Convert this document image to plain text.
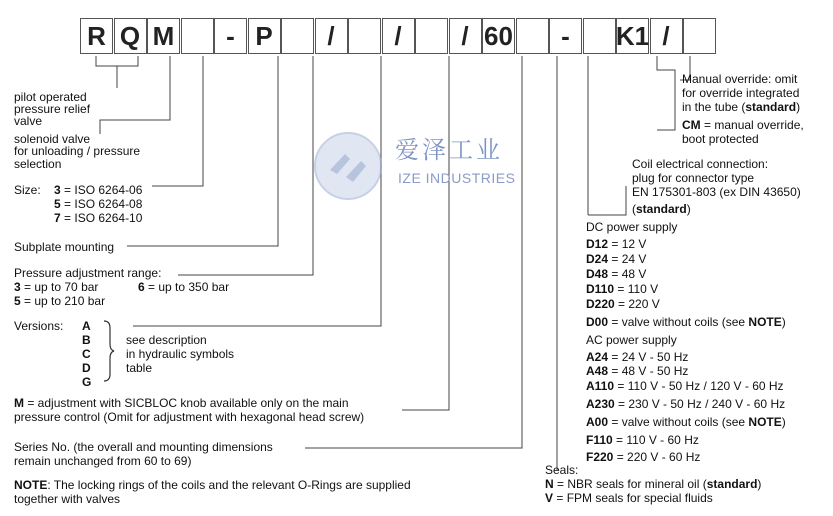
R Q M	- P	/	/	/ 60	-	K1 /
爱泽工业
IZE INDUSTRIES
pilot operated
pressure relief
valve
solenoid valve
for unloading / pressure
selection
Size: 3 = ISO 6264-06
5 = ISO 6264-08
7 = ISO 6264-10
Subplate mounting
Pressure adjustment range:
3 = up to 70 bar	6 = up to 350 bar
5 = up to 210 bar
Versions: A
B
C
D
G
see description
in hydraulic symbols
table
M = adjustment with SICBLOC knob available only on the main
pressure control (Omit for adjustment with hexagonal head screw)
Series No. (the overall and mounting dimensions
remain unchanged from 60 to 69)
NOTE: The locking rings of the coils and the relevant O-Rings are supplied
together with valves
Manual override: omit
for override integrated
in the tube (standard)
CM = manual override,
boot protected
Coil electrical connection:
plug for connector type
EN 175301-803 (ex DIN 43650)
(standard)
DC power supply
D12 = 12 V
D24 = 24 V
D48 = 48 V
D110 = 110 V
D220 = 220 V
D00 = valve without coils (see NOTE)
AC power supply
A24 = 24 V - 50 Hz
A48 = 48 V - 50 Hz
A110 = 110 V - 50 Hz / 120 V - 60 Hz
A230 = 230 V - 50 Hz / 240 V - 60 Hz
A00 = valve without coils (see NOTE)
F110 = 110 V - 60 Hz
F220 = 220 V - 60 Hz
Seals:
N = NBR seals for mineral oil (standard)
V = FPM seals for special fluids
